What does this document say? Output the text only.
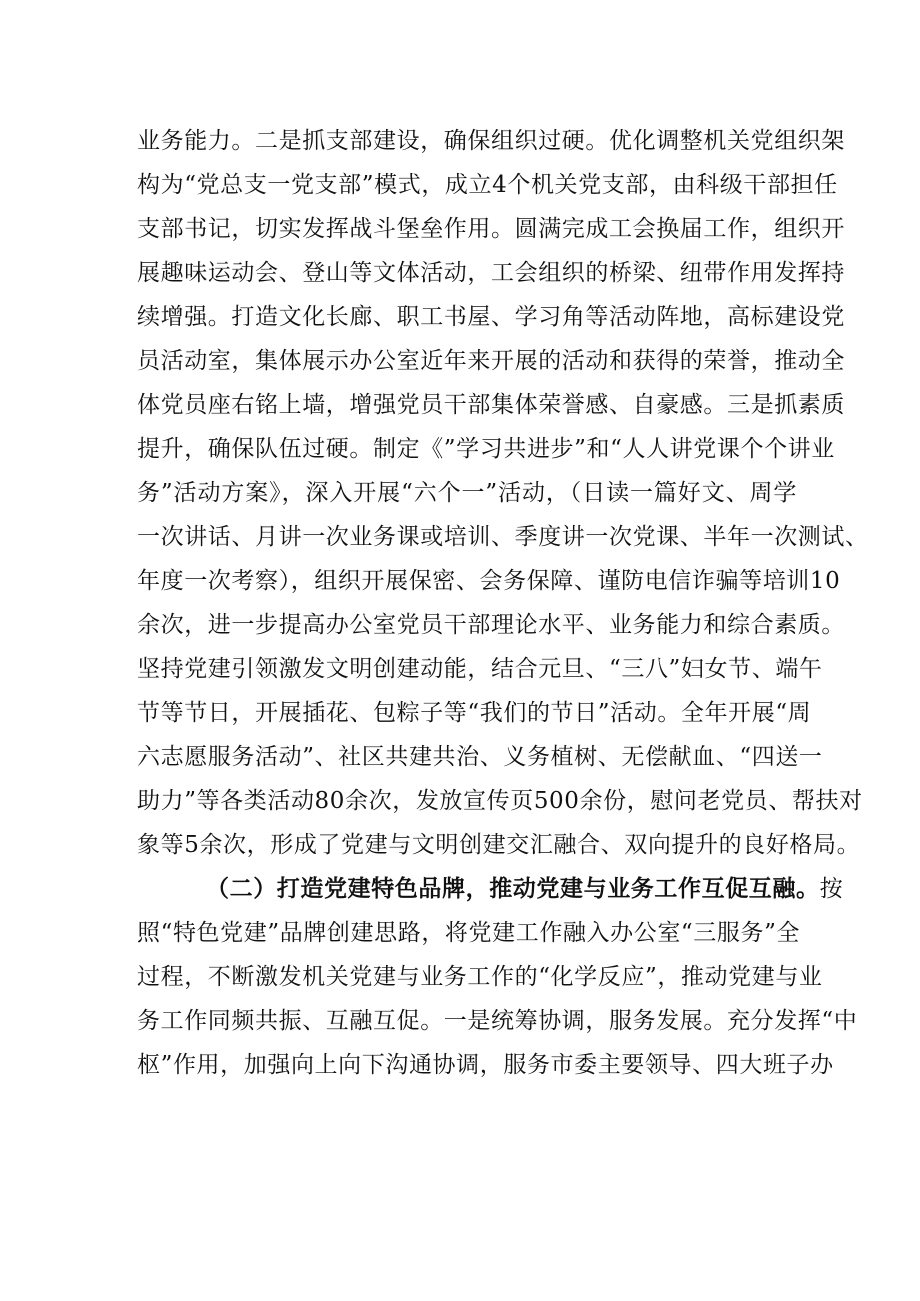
业务能力。二是抓支部建设，确保组织过硬。优化调整机关党组织架
构为“党总支一党支部”模式，成立4个机关党支部，由科级干部担任
支部书记，切实发挥战斗堡垒作用。圆满完成工会换届工作，组织开
展趣味运动会、登山等文体活动，工会组织的桥梁、纽带作用发挥持
续增强。打造文化长廊、职工书屋、学习角等活动阵地，高标建设党
员活动室，集体展示办公室近年来开展的活动和获得的荣誉，推动全
体党员座右铭上墙，增强党员干部集体荣誉感、自豪感。三是抓素质
提升，确保队伍过硬。制定《”学习共进步”和“人人讲党课个个讲业
务”活动方案》，深入开展“六个一”活动，（日读一篇好文、周学
一次讲话、月讲一次业务课或培训、季度讲一次党课、半年一次测试、
年度一次考察），组织开展保密、会务保障、谨防电信诈骗等培训10
余次，进一步提高办公室党员干部理论水平、业务能力和综合素质。
坚持党建引领激发文明创建动能，结合元旦、“三八”妇女节、端午
节等节日，开展插花、包粽子等“我们的节日”活动。全年开展“周
六志愿服务活动”、社区共建共治、义务植树、无偿献血、“四送一
助力”等各类活动80余次，发放宣传页500余份，慰问老党员、帮扶对
象等5余次，形成了党建与文明创建交汇融合、双向提升的良好格局。
（二）打造党建特色品牌，推动党建与业务工作互促互融。按
照“特色党建”品牌创建思路，将党建工作融入办公室“三服务”全
过程，不断激发机关党建与业务工作的“化学反应”，推动党建与业
务工作同频共振、互融互促。一是统筹协调，服务发展。充分发挥“中
枢”作用，加强向上向下沟通协调，服务市委主要领导、四大班子办
